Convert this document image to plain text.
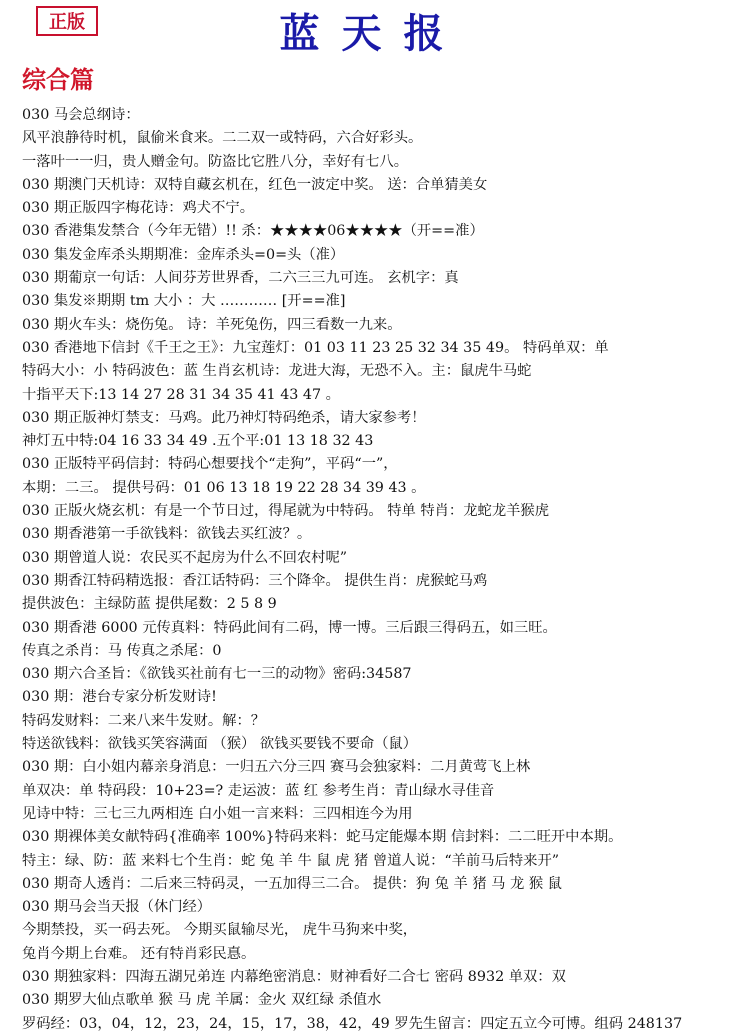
正版	蓝天报
综合篇
030 马会总纲诗：
风平浪静待时机，鼠偷米食来。二二双一或特码，六合好彩头。
一落叶一一归，贵人赠金句。防盗比它胜八分，幸好有七八。
030 期澳门天机诗：双特自藏玄机在，红色一波定中奖。 送：合单猜美女
030 期正版四字梅花诗：鸡犬不宁。
030 香港集发禁合（今年无错）!! 杀：★★★★06★★★★（开==准）
030 集发金库杀头期期准：金库杀头=0=头（准）
030 期葡京一句话：人间芬芳世界香，二六三三九可连。 玄机字：真
030 集发※期期 tm 大小 ：大 ………… [开==准]
030 期火车头：烧伤兔。 诗：羊死兔伤，四三看数一九来。
030 香港地下信封《千王之王》：九宝莲灯：01 03 11 23 25 32 34 35 49。 特码单双：单
特码大小：小 特码波色：蓝 生肖玄机诗：龙进大海，无恐不入。主：鼠虎牛马蛇
十指平天下:13 14 27 28 31 34 35 41 43 47 。
030 期正版神灯禁支：马鸡。此乃神灯特码绝杀，请大家参考！
神灯五中特:04 16 33 34 49 .五个平:01 13 18 32 43
030 正版特平码信封：特码心想要找个“走狗”，平码“一”，
本期：二三。 提供号码：01 06 13 18 19 22 28 34 39 43 。
030 正版火烧玄机：有是一个节日过，得尾就为中特码。 特单 特肖：龙蛇龙羊猴虎
030 期香港第一手欲钱料：欲钱去买红波？。
030 期曾道人说：农民买不起房为什么不回农村呢”
030 期香江特码精选报：香江话特码：三个降伞。 提供生肖：虎猴蛇马鸡
提供波色：主绿防蓝 提供尾数：2 5 8 9
030 期香港 6000 元传真料：特码此间有二码，博一博。三后跟三得码五，如三旺。
传真之杀肖：马 传真之杀尾：0
030 期六合圣旨：《欲钱买社前有七一三的动物》密码:34587
030 期：港台专家分析发财诗!
特码发财料：二来八来牛发财。解：？
特送欲钱料：欲钱买笑容满面 （猴） 欲钱买要钱不要命（鼠）
030 期：白小姐内幕亲身消息：一归五六分三四 赛马会独家料：二月黄莺飞上林
单双决：单 特码段：10+23=? 走运波：蓝 红 参考生肖：青山绿水寻佳音
见诗中特：三七三九两相连 白小姐一言来料：三四相连今为用
030 期裸体美女献特码{准确率 100%}特码来料：蛇马定能爆本期 信封料：二二旺开中本期。
特主：绿、防：蓝 来料七个生肖：蛇 兔 羊 牛 鼠 虎 猪 曾道人说：“羊前马后特来开”
030 期奇人透肖：二后来三特码灵，一五加得三二合。 提供：狗 兔 羊 猪 马 龙 猴 鼠
030 期马会当天报（休门经）
今期禁投，买一码去死。 今期买鼠输尽光， 虎牛马狗来中奖，
兔肖今期上台难。 还有特肖彩民惪。
030 期独家料：四海五湖兄弟连 内幕绝密消息：财神看好二合七 密码 8932 单双：双
030 期罗大仙点歌单 猴 马 虎 羊属：金火 双红绿 杀值水
罗码经：03，04，12，23，24，15，17，38，42，49 罗先生留言：四定五立今可博。组码 248137
